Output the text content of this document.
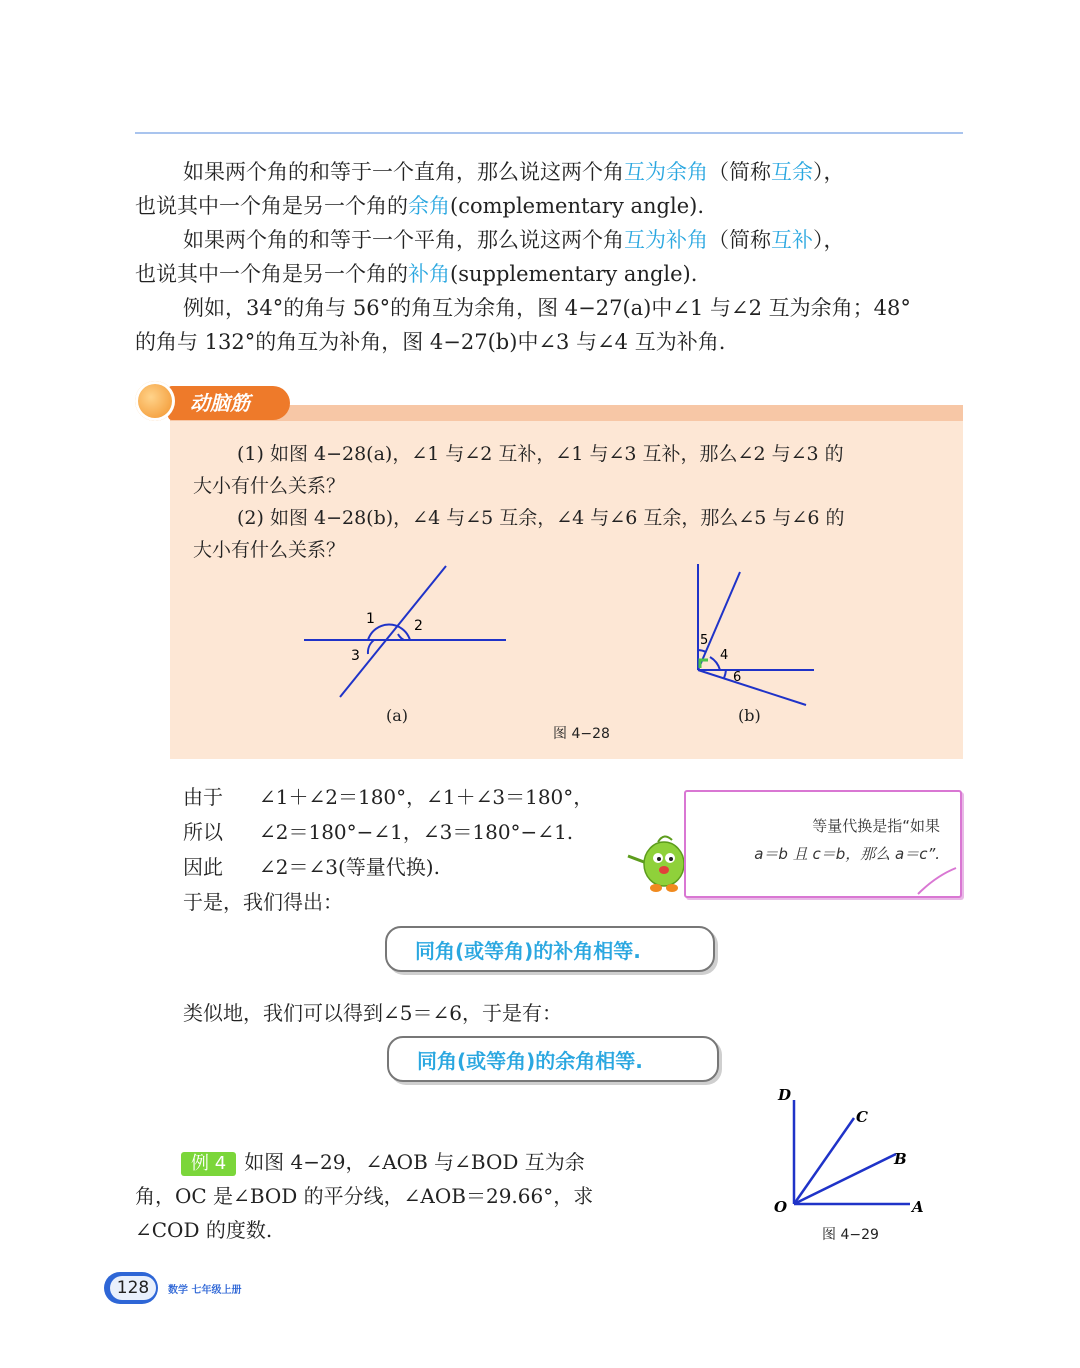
如果两个角的和等于一个直角，那么说这两个角互为余角（简称互余），

也说其中一个角是另一个角的余角(complementary angle).

如果两个角的和等于一个平角，那么说这两个角互为补角（简称互补），

也说其中一个角是另一个角的补角(supplementary angle).

例如，34°的角与 56°的角互为余角，图 4−27(a)中∠1 与∠2 互为余角；48°

的角与 132°的角互为补角，图 4−27(b)中∠3 与∠4 互为补角.

动脑筋

(1) 如图 4−28(a)，∠1 与∠2 互补，∠1 与∠3 互补，那么∠2 与∠3 的

大小有什么关系？

(2) 如图 4−28(b)，∠4 与∠5 互余，∠4 与∠6 互余，那么∠5 与∠6 的

大小有什么关系？

1	2
3
(a)
5
4
6
(b)
图 4−28

由于 ∠1＋∠2＝180°，∠1＋∠3＝180°，

所以 ∠2＝180°−∠1，∠3＝180°−∠1.

因此 ∠2＝∠3(等量代换).

于是，我们得出：

等量代换是指“如果
a＝b 且 c＝b，那么 a＝c”.
同角(或等角)的补角相等.
类似地，我们可以得到∠5＝∠6，于是有：
同角(或等角)的余角相等.

例 4 如图 4−29，∠AOB 与∠BOD 互为余

角，OC 是∠BOD 的平分线，∠AOB＝29.66°，求

∠COD 的度数.

D
C
B
O	A
图 4−29
128	数学 七年级上册
